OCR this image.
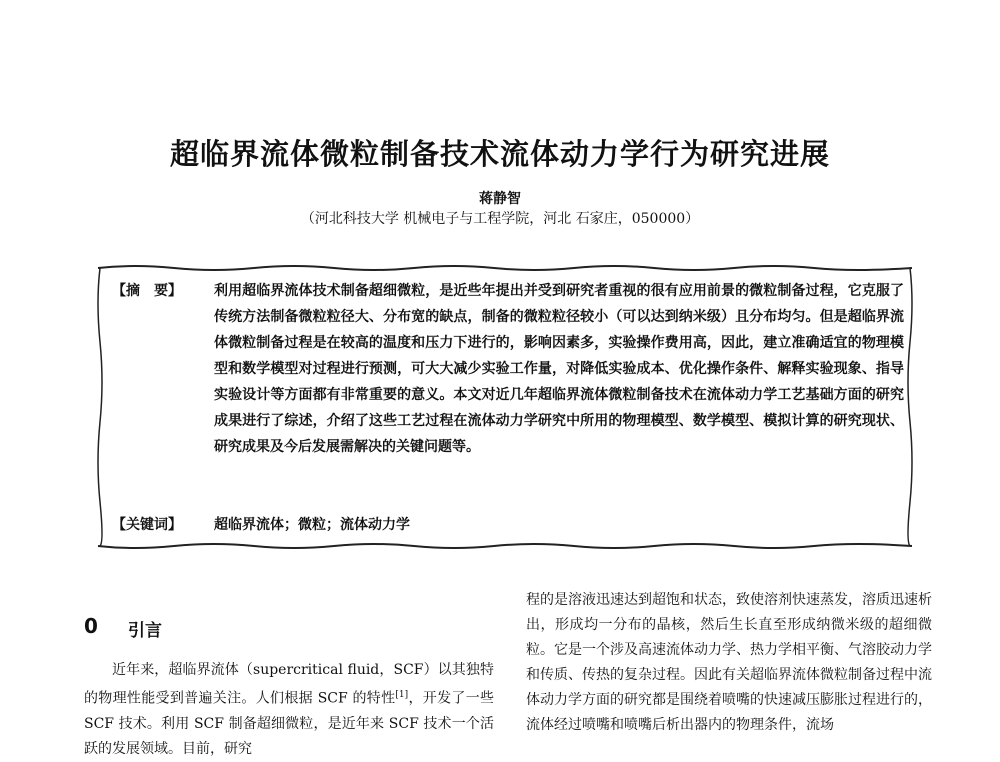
超临界流体微粒制备技术流体动力学行为研究进展
蒋静智
（河北科技大学 机械电子与工程学院，河北 石家庄，050000）
【摘　要】 利用超临界流体技术制备超细微粒，是近些年提出并受到研究者重视的很有应用前景的微粒制备过程，它克服了传统方法制备微粒粒径大、分布宽的缺点，制备的微粒粒径较小（可以达到纳米级）且分布均匀。但是超临界流体微粒制备过程是在较高的温度和压力下进行的，影响因素多，实验操作费用高，因此，建立准确适宜的物理模型和数学模型对过程进行预测，可大大减少实验工作量，对降低实验成本、优化操作条件、解释实验现象、指导实验设计等方面都有非常重要的意义。本文对近几年超临界流体微粒制备技术在流体动力学工艺基础方面的研究成果进行了综述，介绍了这些工艺过程在流体动力学研究中所用的物理模型、数学模型、模拟计算的研究现状、研究成果及今后发展需解决的关键问题等。
【关键词】 超临界流体；微粒；流体动力学
0 引言
近年来，超临界流体（supercritical fluid，SCF）以其独特的物理性能受到普遍关注。人们根据 SCF 的特性[1]，开发了一些 SCF 技术。利用 SCF 制备超细微粒，是近年来 SCF 技术一个活跃的发展领域。目前，研究
程的是溶液迅速达到超饱和状态，致使溶剂快速蒸发，溶质迅速析出，形成均一分布的晶核，然后生长直至形成纳微米级的超细微粒。它是一个涉及高速流体动力学、热力学相平衡、气溶胶动力学和传质、传热的复杂过程。因此有关超临界流体微粒制备过程中流体动力学方面的研究都是围绕着喷嘴的快速减压膨胀过程进行的，流体经过喷嘴和喷嘴后析出器内的物理条件，流场
